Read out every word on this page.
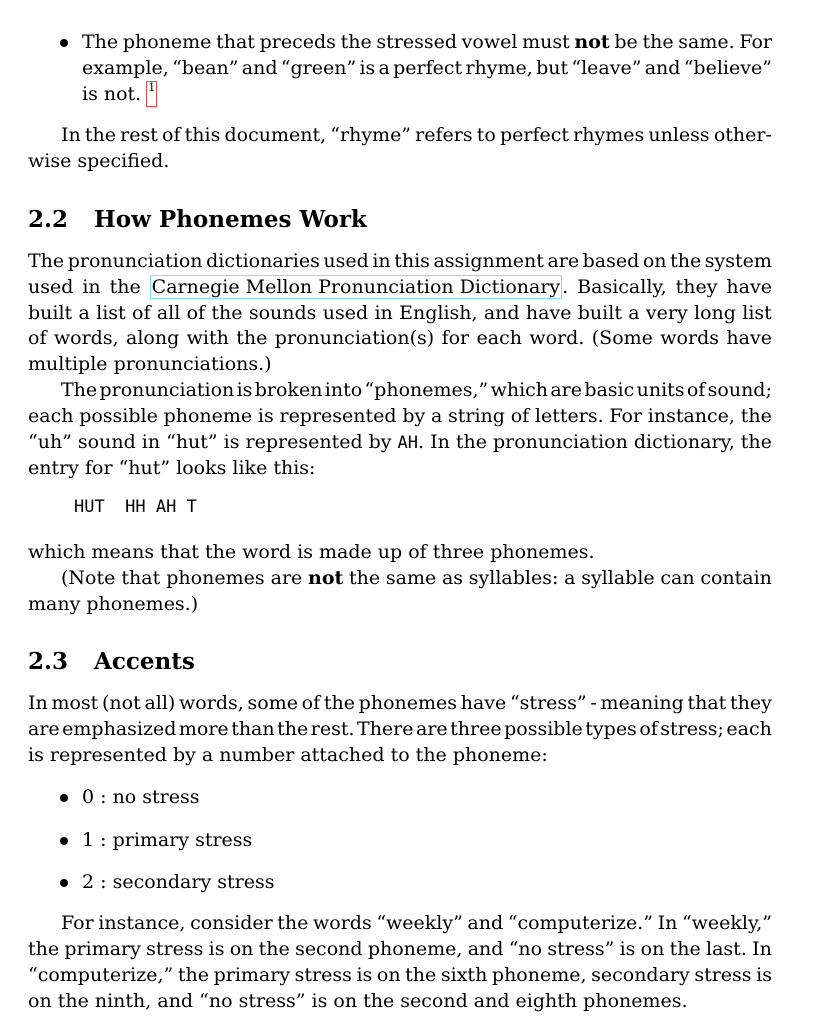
The phoneme that preceds the stressed vowel must not be the same. For
example, “bean” and “green” is a perfect rhyme, but “leave” and “believe”
is not. 1
In the rest of this document, “rhyme” refers to perfect rhymes unless other-
wise specified.
2.2 How Phonemes Work
The pronunciation dictionaries used in this assignment are based on the system
used in the Carnegie Mellon Pronunciation Dictionary . Basically, they have
built a list of all of the sounds used in English, and have built a very long list
of words, along with the pronunciation(s) for each word. (Some words have
multiple pronunciations.)
The pronunciation is broken into “phonemes,” which are basic units of sound;
each possible phoneme is represented by a string of letters. For instance, the
“uh” sound in “hut” is represented by AH. In the pronunciation dictionary, the
entry for “hut” looks like this:
HUT  HH AH T
which means that the word is made up of three phonemes.
(Note that phonemes are not the same as syllables: a syllable can contain
many phonemes.)
2.3 Accents
In most (not all) words, some of the phonemes have “stress” - meaning that they
are emphasized more than the rest. There are three possible types of stress; each
is represented by a number attached to the phoneme:
0 : no stress
1 : primary stress
2 : secondary stress
For instance, consider the words “weekly” and “computerize.” In “weekly,”
the primary stress is on the second phoneme, and “no stress” is on the last. In
“computerize,” the primary stress is on the sixth phoneme, secondary stress is
on the ninth, and “no stress” is on the second and eighth phonemes.
